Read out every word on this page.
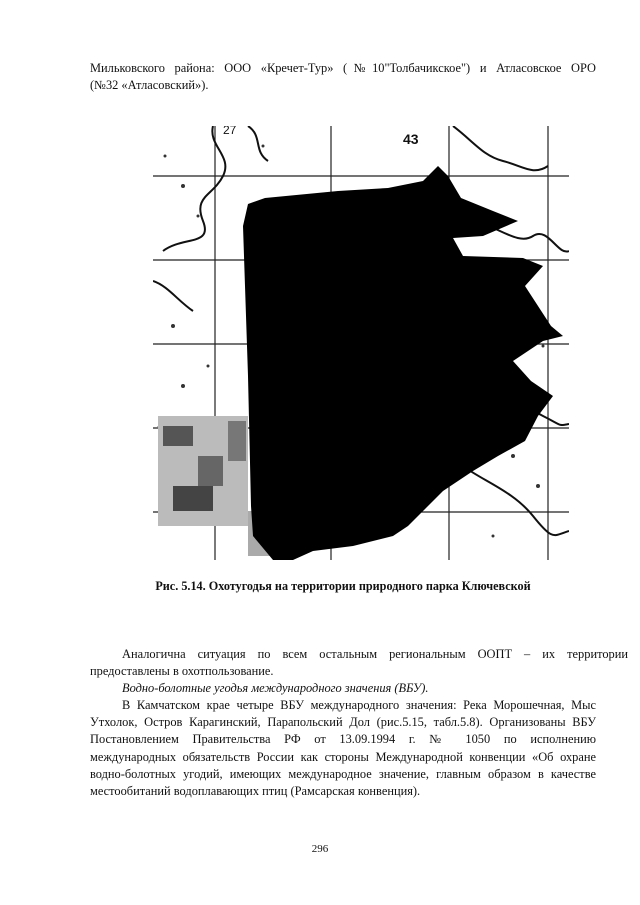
Мильковского района: ООО «Кречет-Тур» (№10"Толбачикское") и Атласовское ОРО
(№32 «Атласовский»).
43
27
Рис. 5.14. Охотугодья на территории природного парка Ключевской
Аналогична ситуация по всем остальным региональным ООПТ – их территории
предоставлены в охотпользование.
Водно-болотные угодья международного значения (ВБУ).
В Камчатском крае четыре ВБУ международного значения: Река Морошечная, Мыс
Утхолок, Остров Карагинский, Парапольский Дол (рис.5.15, табл.5.8). Организованы ВБУ
Постановлением Правительства РФ от 13.09.1994 г. № 1050 по исполнению
международных обязательств России как стороны Международной конвенции «Об охране
водно-болотных угодий, имеющих международное значение, главным образом в качестве
местообитаний водоплавающих птиц (Рамсарская конвенция).
296
